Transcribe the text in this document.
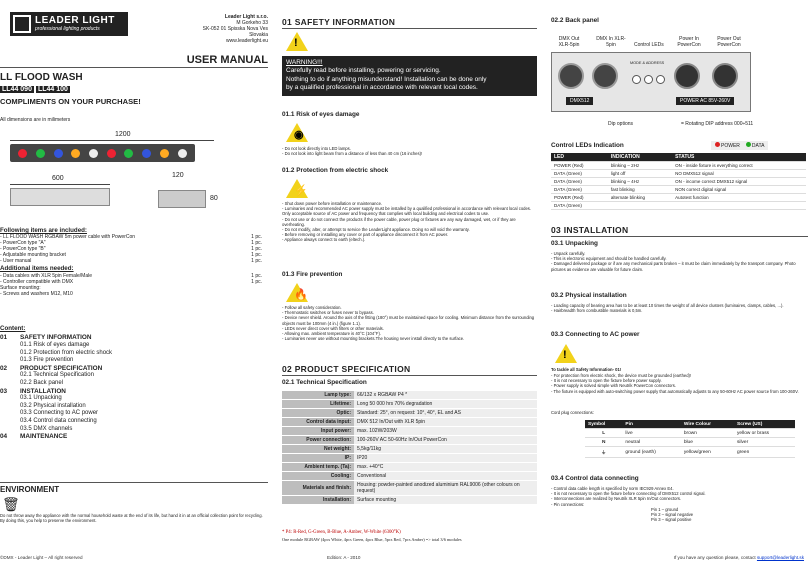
LEADER LIGHT
professional lighting products
Leader Light s.r.o.
M Gorkeho 33
SK-052 01 Spisska Nova Ves
Slovakia
www.leaderlight.eu
USER MANUAL
LL FLOOD WASH
LL44 090 LL44 100
COMPLIMENTS ON YOUR PURCHASE!
All dimensions are in milimeters
1200
600	120
80
Following items are included:
- LL FLOOD WASH RGBAW 5m power cable with PowerCon	1 pc.
- PowerCon type "A"	1 pc.
- PowerCon type "B"	1 pc.
- Adjustable mounting bracket	1 pc.
- User manual	1 pc.
Additional items needed:
- Data cables with XLR 5pin Female/Male	1 pc.
- Controller compatible with DMX	1 pc.
Surface mounting:
- Screws and washers M12, M10
Content:
01	SAFETY INFORMATION
01.1 Risk of eyes damage
01.2 Protection from electric shock
01.3 Fire prevention
02	PRODUCT SPECIFICATION
02.1 Technical Specification
02.2 Back panel
03	INSTALLATION
03.1 Unpacking
03.2 Physical installation
03.3 Connecting to AC power
03.4 Control data connecting
03.5 DMX channels
04	MAINTENANCE
ENVIRONMENT
🗑
Do not throw away the appliance with the normal household waste at the end of its life, but hand it in at an official collection point for recycling. By doing this, you help to preserve the environment.
©DMX - Leader Light – All right reserved
01 SAFETY INFORMATION
!
WARNING!!!
Carefully read before installing, powering or servicing.
Nothing to do if anything misunderstand! Installation can be done only
by a qualified professional in accordance with relevant local codes.
01.1 Risk of eyes damage
◉
- Do not look directly into LED lamps.
- Do not look into light beam from a distance of less than 40 cm (16 inches)!
01.2 Protection from electric shock
⚡
- Shut down power before installation or maintenance.
- Luminaries and recommended AC power supply must be installed by a qualified professional in accordance with relevant local codes. Only acceptable source of AC power and frequency that complies with local building and electrical codes to use.
- Do not use or do not connect the products if the power cable, power plug or fixtures are any way damaged, wet, or if they are overheating.
- Do not modify, alter, or attempt to service the LeaderLight appliance. Doing so will void the warranty.
- Before removing or installing any cover or part of appliance disconnect it from AC power.
- Appliance always connect to earth (eltech.).
01.3 Fire prevention
🔥
- Follow all safety consideration.
- Thermostatic switches or fuses never to bypass.
- Device never shield. Around the axis of the fitting (180°) must be maintained space for cooling. Minimum distance from the surrounding objects must be 100mm (4 in.) (figure 1.1).
- LEDs never direct cover with filters or other materials.
- Allowing max. ambient temperature is 40°C (104°F).
- Luminaries never use without mounting brackets.The housing never install directly to the surface.
02 PRODUCT SPECIFICATION
02.1 Technical Specification
Lamp type:	66/132 x RGBAW P4 *
Lifetime:	Long 50 000 hrs 70% degradation
Optic:	Standard: 25°, on request: 10°, 40°, EL and AS
Control data input:	DMX 512 In/Out with XLR 5pin
Input power:	max. 102W/203W
Power connection:	100-260V AC 50-60Hz In/Out PowerCon
Net weight:	5,5kg/11kg
IP:	IP20
Ambient temp. (Ta):	max. +40°C
Cooling:	Conventional
Materials and finish:	Housing: powder-painted anodized aluminium RAL9006 (other colours on request)
Installation:	Surface mounting
* P4: R-Red, G-Green, B-Blue, A-Amber, W-White (6300°K)
One module RGBAW (4pcs White, 4pcs Green, 4pcs Blue, 5pcs Red, 7pcs Amber) => total 3/6 modules
Edition: A - 2010
02.2 Back panel
DMX Out XLR-5pin
DMX In XLR-5pin	Control LEDs
Power In PowerCon
Power Out PowerCon
DMX512
MODE & ADDRESS
POWER AC 85V-260V
Dip options	= Rotating DIP address 000÷511
Control LEDs Indication	POWER	DATA
LED	INDICATION	STATUS
POWER (Red)	blinking – 2Hz	ON - inside fixture is everything correct
DATA (Green)	light off	NO DMX512 signal
DATA (Green)	blinking – 4Hz	ON - income correct DMX512 signal
DATA (Green)	fast blinking	NON correct digital signal
POWER (Red)	alternate blinking	Autotest function
DATA (Green)		
03 INSTALLATION
03.1 Unpacking
- Unpack carefully.
- This is electronic equipment and should be handled carefully.
- Damaged delivered package or if are any mechanical parts broken – it must be claim immediately by the transport company. Photo pictures as evidence are valuable for future claim.
03.2 Physical installation
- Loading capacity of bearing area has to be at least 10 times the weight of all device clusters (luminaires, clamps, cables, ...).
- Hairbreadth from combustible materials is 0,5m.
03.3 Connecting to AC power
!
To tackle all Safety Information- 01!
- For protection from electric shock, the device must be grounded (earthed)!
- It is not necessary to open the fixture before power supply.
- Power supply is solved simple with Neutrik PowerCon connectors.
- The fixture is equipped with auto-switching power supply that automatically adjusts to any 50-60Hz AC power source from 100-260V.
Cord plug connections:
Symbol	Pin	Wire Colour	Screw (US)
L	live	brown	yellow or brass
N	neutral	blue	silver
⏚	ground (earth)	yellow/green	green
03.4 Control data connecting
- Control data cable length is specified by norm IEC929 Annex E4.
- It is not necessary to open the fixture before connecting of DMX512 control signal.
- Interconnections are realized by Neutrik XLR 5pin In/Out connectors.
- Pin connections:
Pin 1 – ground
Pin 2 – signal negative
Pin 3 – signal positive
If you have any question please, contact support@leaderlight.sk
